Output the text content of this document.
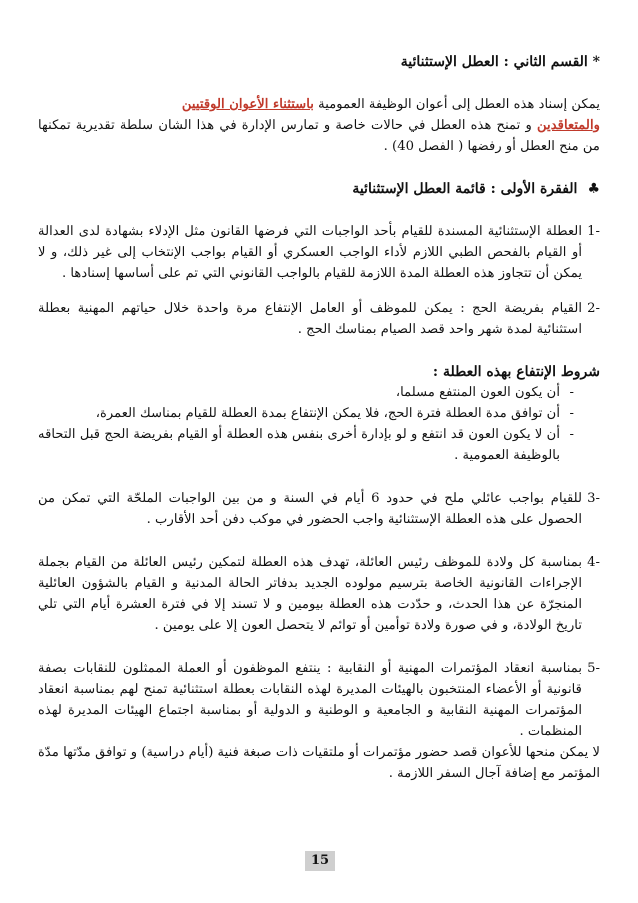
* القسم الثاني : العطل الإستثنائية

يمكن إسناد هذه العطل إلى أعوان الوظيفة العمومية باستثناء الأعوان الوقتيين
والمتعاقدين و تمنح هذه العطل في حالات خاصة و تمارس الإدارة في هذا الشان سلطة تقديرية تمكنها من منح العطل أو رفضها ( الفصل 40) .

♣الفقرة الأولى : قائمة العطل الإستثنائية

-1

العطلة الإستثنائية المسندة للقيام بأحد الواجبات التي فرضها القانون مثل الإدلاء بشهادة لدى العدالة أو القيام بالفحص الطبي اللازم لأداء الواجب العسكري أو القيام بواجب الإنتخاب إلى غير ذلك، و لا يمكن أن تتجاوز هذه العطلة المدة اللازمة للقيام بالواجب القانوني التي تم على أساسها إسنادها .

-2

القيام بفريضة الحج : يمكن للموظف أو العامل الإنتفاع مرة واحدة خلال حياتهم المهنية بعطلة استثنائية لمدة شهر واحد قصد الصيام بمناسك الحج .

شروط الإنتفاع بهذه العطلة :

-

أن يكون العون المنتفع مسلما،

-

أن توافق مدة العطلة فترة الحج، فلا يمكن الإنتفاع بمدة العطلة للقيام بمناسك العمرة،

-

أن لا يكون العون قد انتفع و لو بإدارة أخرى بنفس هذه العطلة أو القيام بفريضة الحج قبل التحاقه بالوظيفة العمومية .

-3

للقيام بواجب عائلي ملح في حدود 6 أيام في السنة و من بين الواجبات الملحّة التي تمكن من الحصول على هذه العطلة الإستثنائية واجب الحضور في موكب دفن أحد الأقارب .

-4

بمناسبة كل ولادة للموظف رئيس العائلة، تهدف هذه العطلة لتمكين رئيس العائلة من القيام بجملة الإجراءات القانونية الخاصة بترسيم مولوده الجديد بدفاتر الحالة المدنية و القيام بالشؤون العائلية المنجرّة عن هذا الحدث، و حدّدت هذه العطلة بيومين و لا تسند إلا في فترة العشرة أيام التي تلي تاريخ الولادة، و في صورة ولادة توأمين أو توائم لا يتحصل العون إلا على يومين .

-5

بمناسبة انعقاد المؤتمرات المهنية أو النقابية : ينتفع الموظفون أو العملة الممثلون للنقابات بصفة قانونية أو الأعضاء المنتخبون بالهيئات المديرة لهذه النقابات بعطلة استثنائية تمنح لهم بمناسبة انعقاد المؤتمرات المهنية النقابية و الجامعية و الوطنية و الدولية أو بمناسبة اجتماع الهيئات المديرة لهذه المنظمات .

لا يمكن منحها للأعوان قصد حضور مؤتمرات أو ملتقيات ذات صبغة فنية (أيام دراسية) و توافق مدّتها مدّة المؤتمر مع إضافة آجال السفر اللازمة .

15
